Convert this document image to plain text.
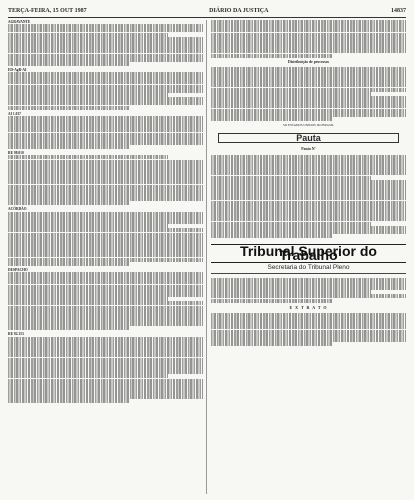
TERÇA-FEIRA, 15 OUT 1987	DIÁRIO DA JUSTIÇA	14837
AGRAVANTE
ED-AgR-AI
AI 1.017
RE 98.010
ACÓRDÃO
DESPACHO
RE 82.153
Distribuição de processos
SO ESTADOS UNIDOS DO BRASIL
Pauta
Pauta Nº
Tribunal Superior do Trabalho
Secretaria do Tribunal Pleno
E X T R A T O
